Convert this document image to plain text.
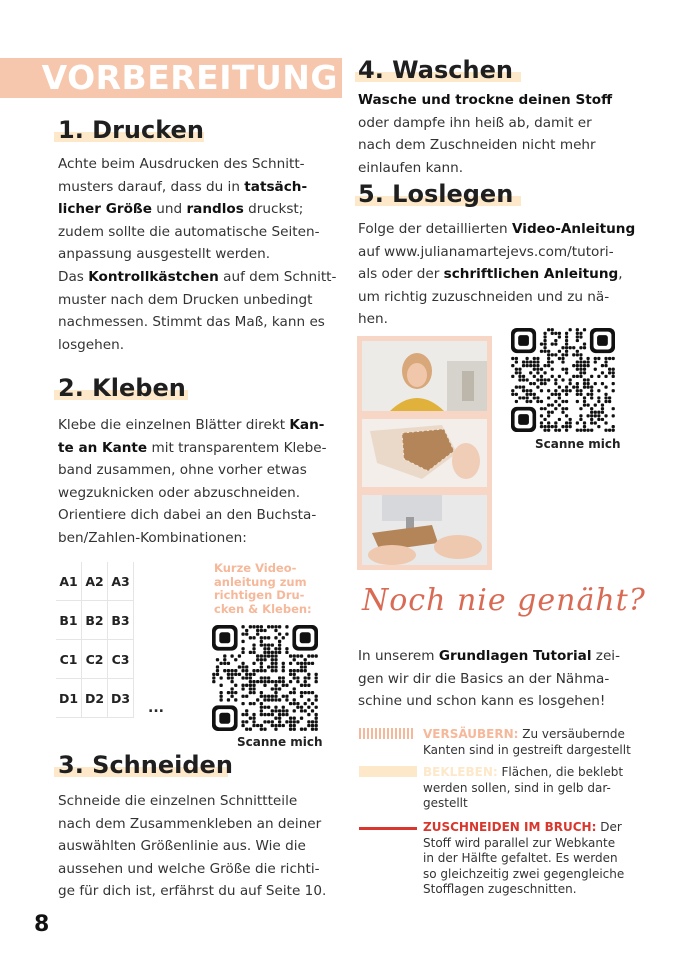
VORBEREITUNG
1. Drucken
Achte beim Ausdrucken des Schnitt-
musters darauf, dass du in tatsäch-
licher Größe und randlos druckst;
zudem sollte die automatische Seiten-
anpassung ausgestellt werden.
Das Kontrollkästchen auf dem Schnitt-
muster nach dem Drucken unbedingt
nachmessen. Stimmt das Maß, kann es
losgehen.
2. Kleben
Klebe die einzelnen Blätter direkt Kan-
te an Kante mit transparentem Klebe-
band zusammen, ohne vorher etwas
wegzuknicken oder abzuschneiden.
Orientiere dich dabei an den Buchsta-
ben/Zahlen-Kombinationen:
A1 A2 A3
B1 B2 B3
C1 C2 C3
D1 D2 D3
...
Kurze Video-
anleitung zum
richtigen Dru-
cken & Kleben:
Scanne mich
3. Schneiden
Schneide die einzelnen Schnittteile
nach dem Zusammenkleben an deiner
auswählten Größenlinie aus. Wie die
aussehen und welche Größe die richti-
ge für dich ist, erfährst du auf Seite 10.
4. Waschen
Wasche und trockne deinen Stoff
oder dampfe ihn heiß ab, damit er
nach dem Zuschneiden nicht mehr
einlaufen kann.
5. Loslegen
Folge der detaillierten Video-Anleitung
auf www.julianamartejevs.com/tutori-
als oder der schriftlichen Anleitung,
um richtig zuzuschneiden und zu nä-
hen.
Scanne mich
Noch nie genäht?
In unserem Grundlagen Tutorial zei-
gen wir dir die Basics an der Nähma-
schine und schon kann es losgehen!
VERSÄUBERN: Zu versäubernde
Kanten sind in gestreift dargestellt
BEKLEBEN: Flächen, die beklebt
werden sollen, sind in gelb dar-
gestellt
ZUSCHNEIDEN IM BRUCH: Der
Stoff wird parallel zur Webkante
in der Hälfte gefaltet. Es werden
so gleichzeitig zwei gegengleiche
Stofflagen zugeschnitten.
8
